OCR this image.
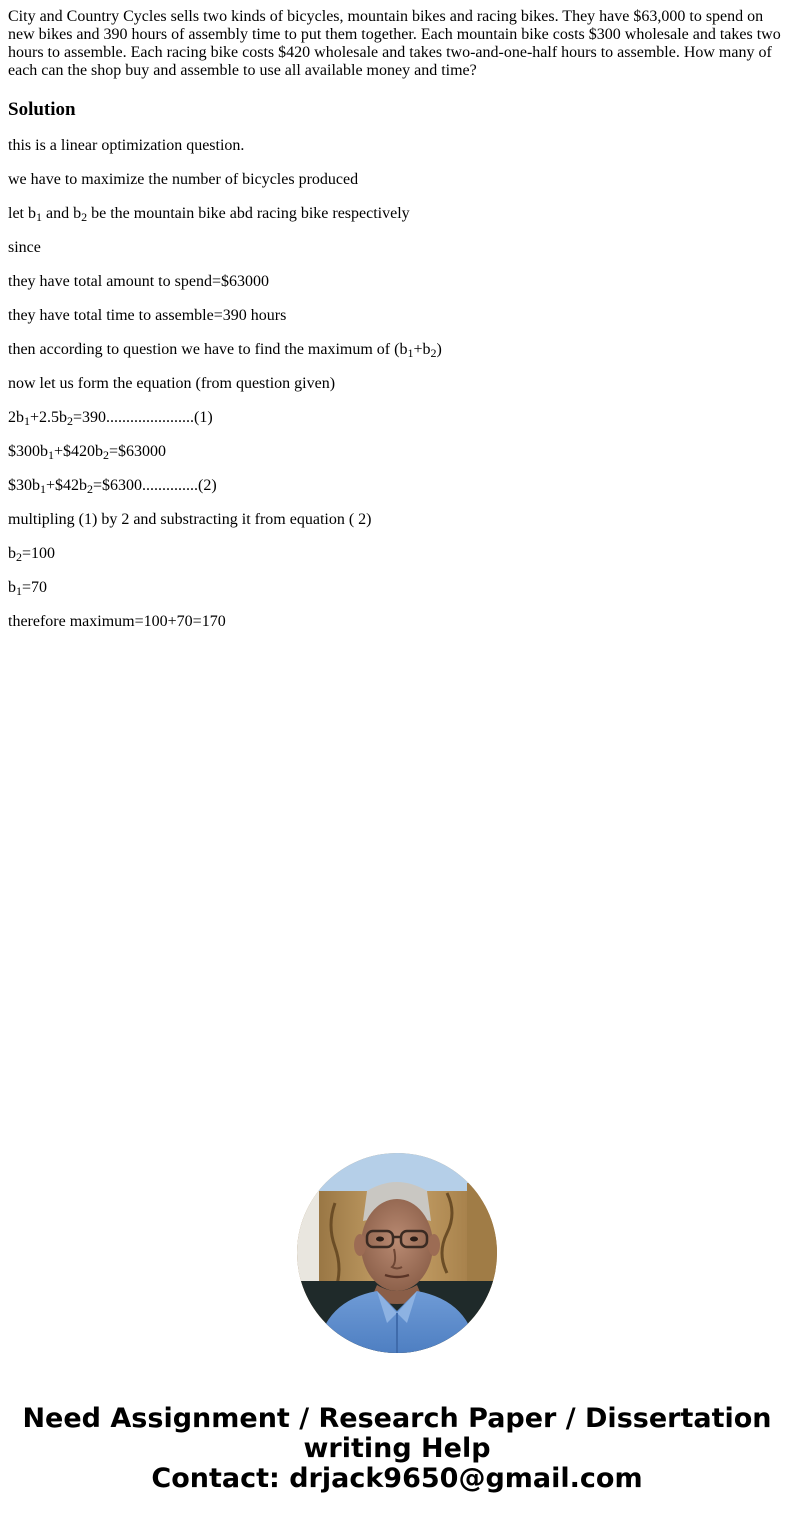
City and Country Cycles sells two kinds of bicycles, mountain bikes and racing bikes. They have $63,000 to spend on new bikes and 390 hours of assembly time to put them together. Each mountain bike costs $300 wholesale and takes two hours to assemble. Each racing bike costs $420 wholesale and takes two-and-one-half hours to assemble. How many of each can the shop buy and assemble to use all available money and time?

Solution

this is a linear optimization question.

we have to maximize the number of bicycles produced

let $b_1$ and $b_2$ be the mountain bike abd racing bike respectively

since

they have total amount to spend=$63000

they have total time to assemble=390 hours

then according to question we have to find the maximum of $(b_1+b_2)$

now let us form the equation (from question given)

$2b_1+2.5b_2=390......................(1)$

$\$300b_1+\$420b_2=\$63000$

$\$30b_1+\$42b_2=\$6300..............(2)$

multipling (1) by 2 and substracting it from equation ( 2)

$b_2=100$

$b_1=70$

therefore maximum=100+70=170

Need Assignment / Research Paper / Dissertation
writing Help
Contact: drjack9650@gmail.com
